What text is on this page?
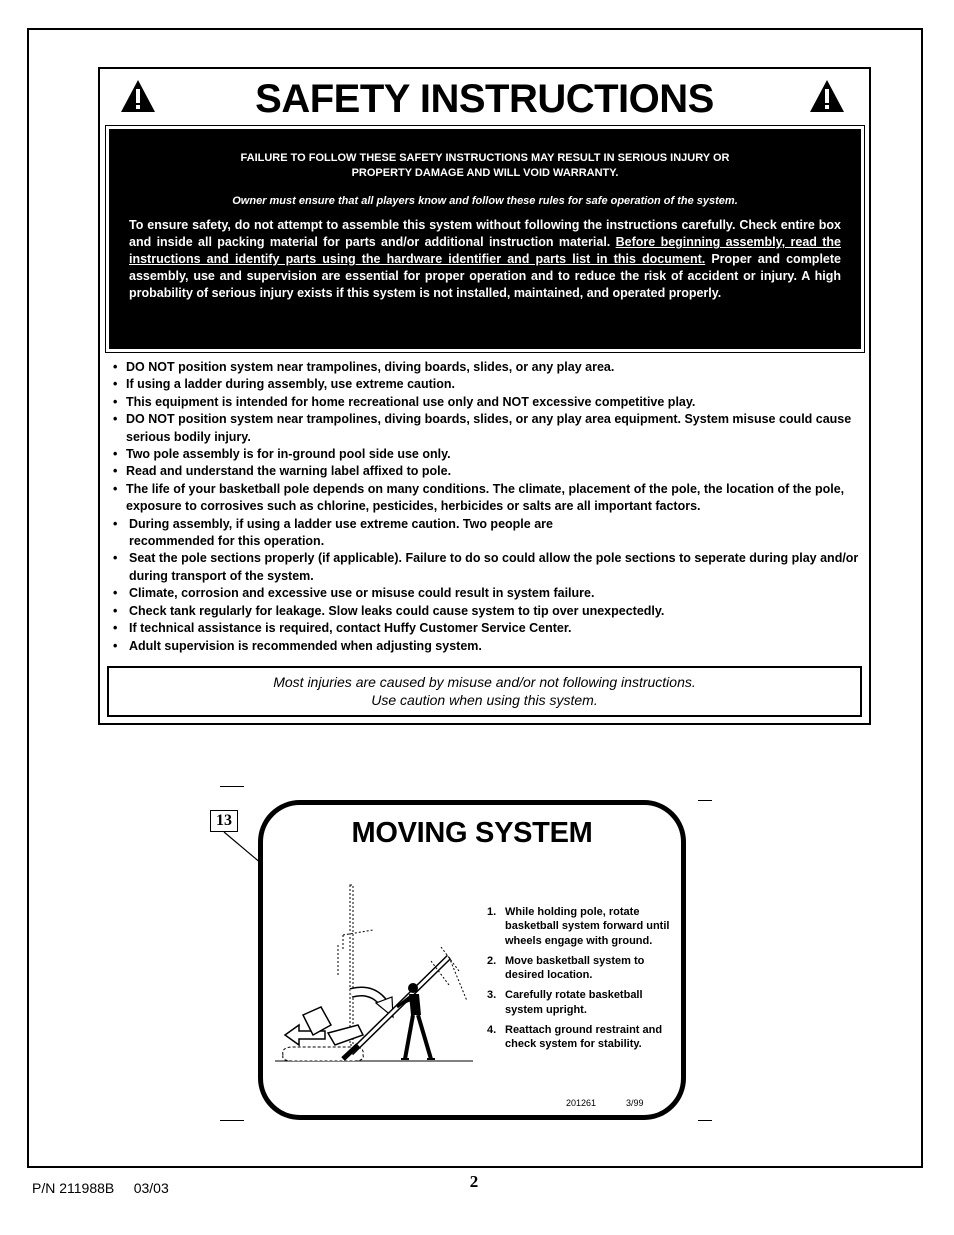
SAFETY INSTRUCTIONS
FAILURE TO FOLLOW THESE SAFETY INSTRUCTIONS MAY RESULT IN SERIOUS INJURY OR
PROPERTY DAMAGE AND WILL VOID WARRANTY.
Owner must ensure that all players know and follow these rules for safe operation of the system.
To ensure safety, do not attempt to assemble this system without following the instructions carefully. Check entire box and inside all packing material for parts and/or additional instruction material. Before beginning assembly, read the instructions and identify parts using the hardware identifier and parts list in this document. Proper and complete assembly, use and supervision are essential for proper operation and to reduce the risk of accident or injury. A high probability of serious injury exists if this system is not installed, maintained, and operated properly.
• DO NOT position system near trampolines, diving boards, slides, or any play area.
• If using a ladder during assembly, use extreme caution.
• This equipment is intended for home recreational use only and NOT excessive competitive play.
• DO NOT position system near trampolines, diving boards, slides, or any play area equipment. System misuse could cause serious bodily injury.
• Two pole assembly is for in-ground pool side use only.
• Read and understand the warning label affixed to pole.
• The life of your basketball pole depends on many conditions. The climate, placement of the pole, the location of the pole, exposure to corrosives such as chlorine, pesticides, herbicides or salts are all important factors.
• During assembly, if using a ladder use extreme caution. Two people are recommended for this operation.
• Seat the pole sections properly (if applicable). Failure to do so could allow the pole sections to seperate during play and/or during transport of the system.
• Climate, corrosion and excessive use or misuse could result in system failure.
• Check tank regularly for leakage. Slow leaks could cause system to tip over unexpectedly.
• If technical assistance is required, contact Huffy Customer Service Center.
• Adult supervision is recommended when adjusting system.
Most injuries are caused by misuse and/or not following instructions.
Use caution when using this system.
13	MOVING SYSTEM
1. While holding pole, rotate basketball system forward until wheels engage with ground.
2. Move basketball system to desired location.
3. Carefully rotate basketball system upright.
4. Reattach ground restraint and check system for stability.
201261	3/99
P/N 211988B     03/03	2
